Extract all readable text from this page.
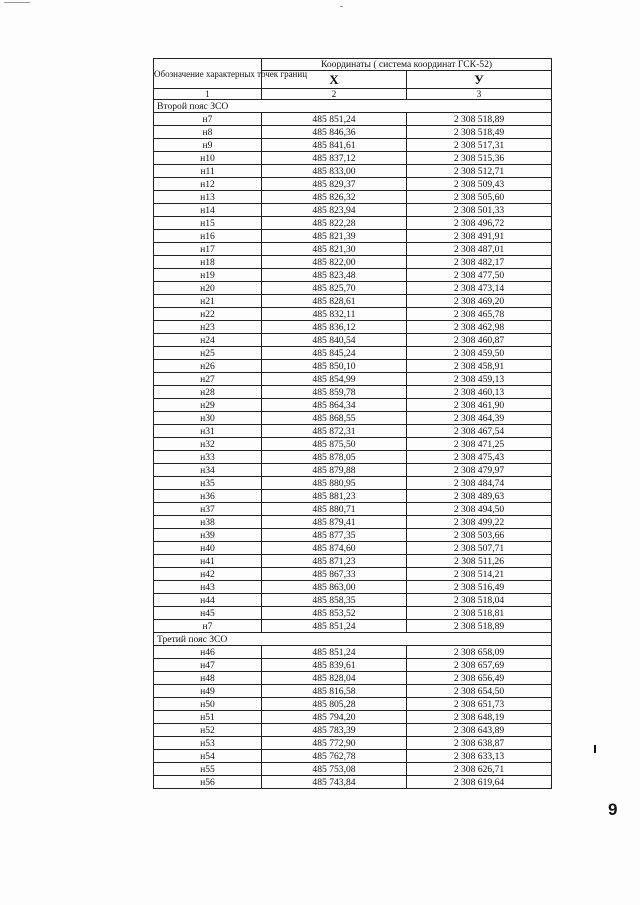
Обозначение характерных точек границ	Координаты ( система координат ГСК-52)	
	X	У
1	2	3
Второй пояс ЗСО		
н7	485 851,24	2 308 518,89
н8	485 846,36	2 308 518,49
н9	485 841,61	2 308 517,31
н10	485 837,12	2 308 515,36
н11	485 833,00	2 308 512,71
н12	485 829,37	2 308 509,43
н13	485 826,32	2 308 505,60
н14	485 823,94	2 308 501,33
н15	485 822,28	2 308 496,72
н16	485 821,39	2 308 491,91
н17	485 821,30	2 308 487,01
н18	485 822,00	2 308 482,17
н19	485 823,48	2 308 477,50
н20	485 825,70	2 308 473,14
н21	485 828,61	2 308 469,20
н22	485 832,11	2 308 465,78
н23	485 836,12	2 308 462,98
н24	485 840,54	2 308 460,87
н25	485 845,24	2 308 459,50
н26	485 850,10	2 308 458,91
н27	485 854,99	2 308 459,13
н28	485 859,78	2 308 460,13
н29	485 864,34	2 308 461,90
н30	485 868,55	2 308 464,39
н31	485 872,31	2 308 467,54
н32	485 875,50	2 308 471,25
н33	485 878,05	2 308 475,43
н34	485 879,88	2 308 479,97
н35	485 880,95	2 308 484,74
н36	485 881,23	2 308 489,63
н37	485 880,71	2 308 494,50
н38	485 879,41	2 308 499,22
н39	485 877,35	2 308 503,66
н40	485 874,60	2 308 507,71
н41	485 871,23	2 308 511,26
н42	485 867,33	2 308 514,21
н43	485 863,00	2 308 516,49
н44	485 858,35	2 308 518,04
н45	485 853,52	2 308 518,81
н7	485 851,24	2 308 518,89
Третий пояс ЗСО		
н46	485 851,24	2 308 658,09
н47	485 839,61	2 308 657,69
н48	485 828,04	2 308 656,49
н49	485 816,58	2 308 654,50
н50	485 805,28	2 308 651,73
н51	485 794,20	2 308 648,19
н52	485 783,39	2 308 643,89
н53	485 772,90	2 308 638,87
н54	485 762,78	2 308 633,13
н55	485 753,08	2 308 626,71
н56	485 743,84	2 308 619,64
9
